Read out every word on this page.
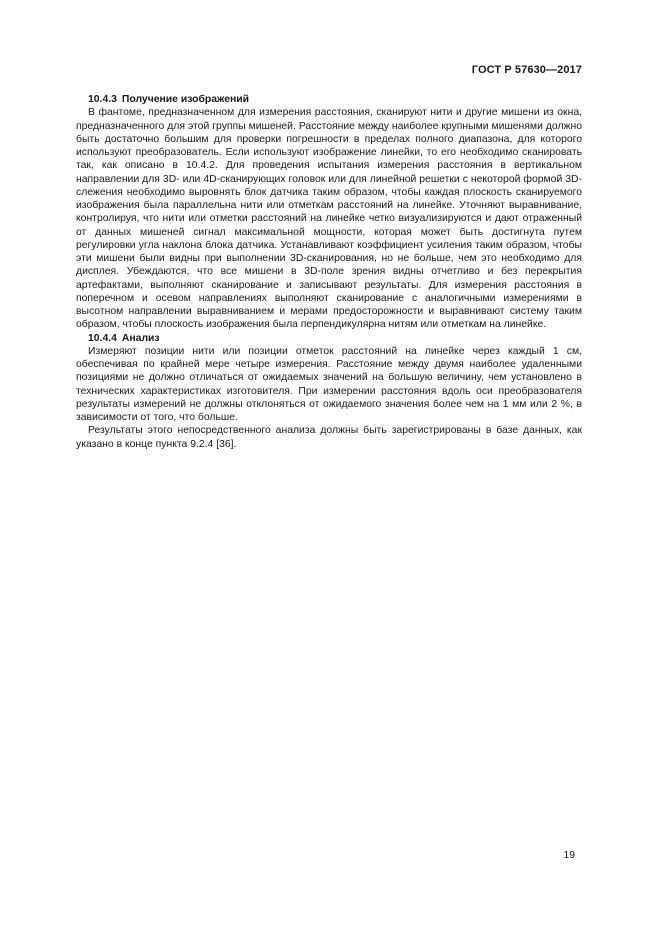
ГОСТ Р 57630—2017
10.4.3 Получение изображений

В фантоме, предназначенном для измерения расстояния, сканируют нити и другие мишени из окна, предназначенного для этой группы мишеней. Расстояние между наиболее крупными мишенями должно быть достаточно большим для проверки погрешности в пределах полного диапазона, для которого используют преобразователь. Если используют изображение линейки, то его необходимо сканировать так, как описано в 10.4.2. Для проведения испытания измерения расстояния в вертикальном направлении для 3D- или 4D-сканирующих головок или для линейной решетки с некоторой формой 3D-слежения необходимо выровнять блок датчика таким образом, чтобы каждая плоскость сканируемого изображения была параллельна нити или отметкам расстояний на линейке. Уточняют выравнивание, контролируя, что нити или отметки расстояний на линейке четко визуализируются и дают отраженный от данных мишеней сигнал максимальной мощности, которая может быть достигнута путем регулировки угла наклона блока датчика. Устанавливают коэффициент усиления таким образом, чтобы эти мишени были видны при выполнении 3D-сканирования, но не больше, чем это необходимо для дисплея. Убеждаются, что все мишени в 3D-поле зрения видны отчетливо и без перекрытия артефактами, выполняют сканирование и записывают результаты. Для измерения расстояния в поперечном и осевом направлениях выполняют сканирование с аналогичными измерениями в высотном направлении выравниванием и мерами предосторожности и выравнивают систему таким образом, чтобы плоскость изображения была перпендикулярна нитям или отметкам на линейке.

10.4.4 Анализ

Измеряют позиции нити или позиции отметок расстояний на линейке через каждый 1 см, обеспечивая по крайней мере четыре измерения. Расстояние между двумя наиболее удаленными позициями не должно отличаться от ожидаемых значений на большую величину, чем установлено в технических характеристиках изготовителя. При измерении расстояния вдоль оси преобразователя результаты измерений не должны отклоняться от ожидаемого значения более чем на 1 мм или 2 %, в зависимости от того, что больше.

Результаты этого непосредственного анализа должны быть зарегистрированы в базе данных, как указано в конце пункта 9.2.4 [36].

19
